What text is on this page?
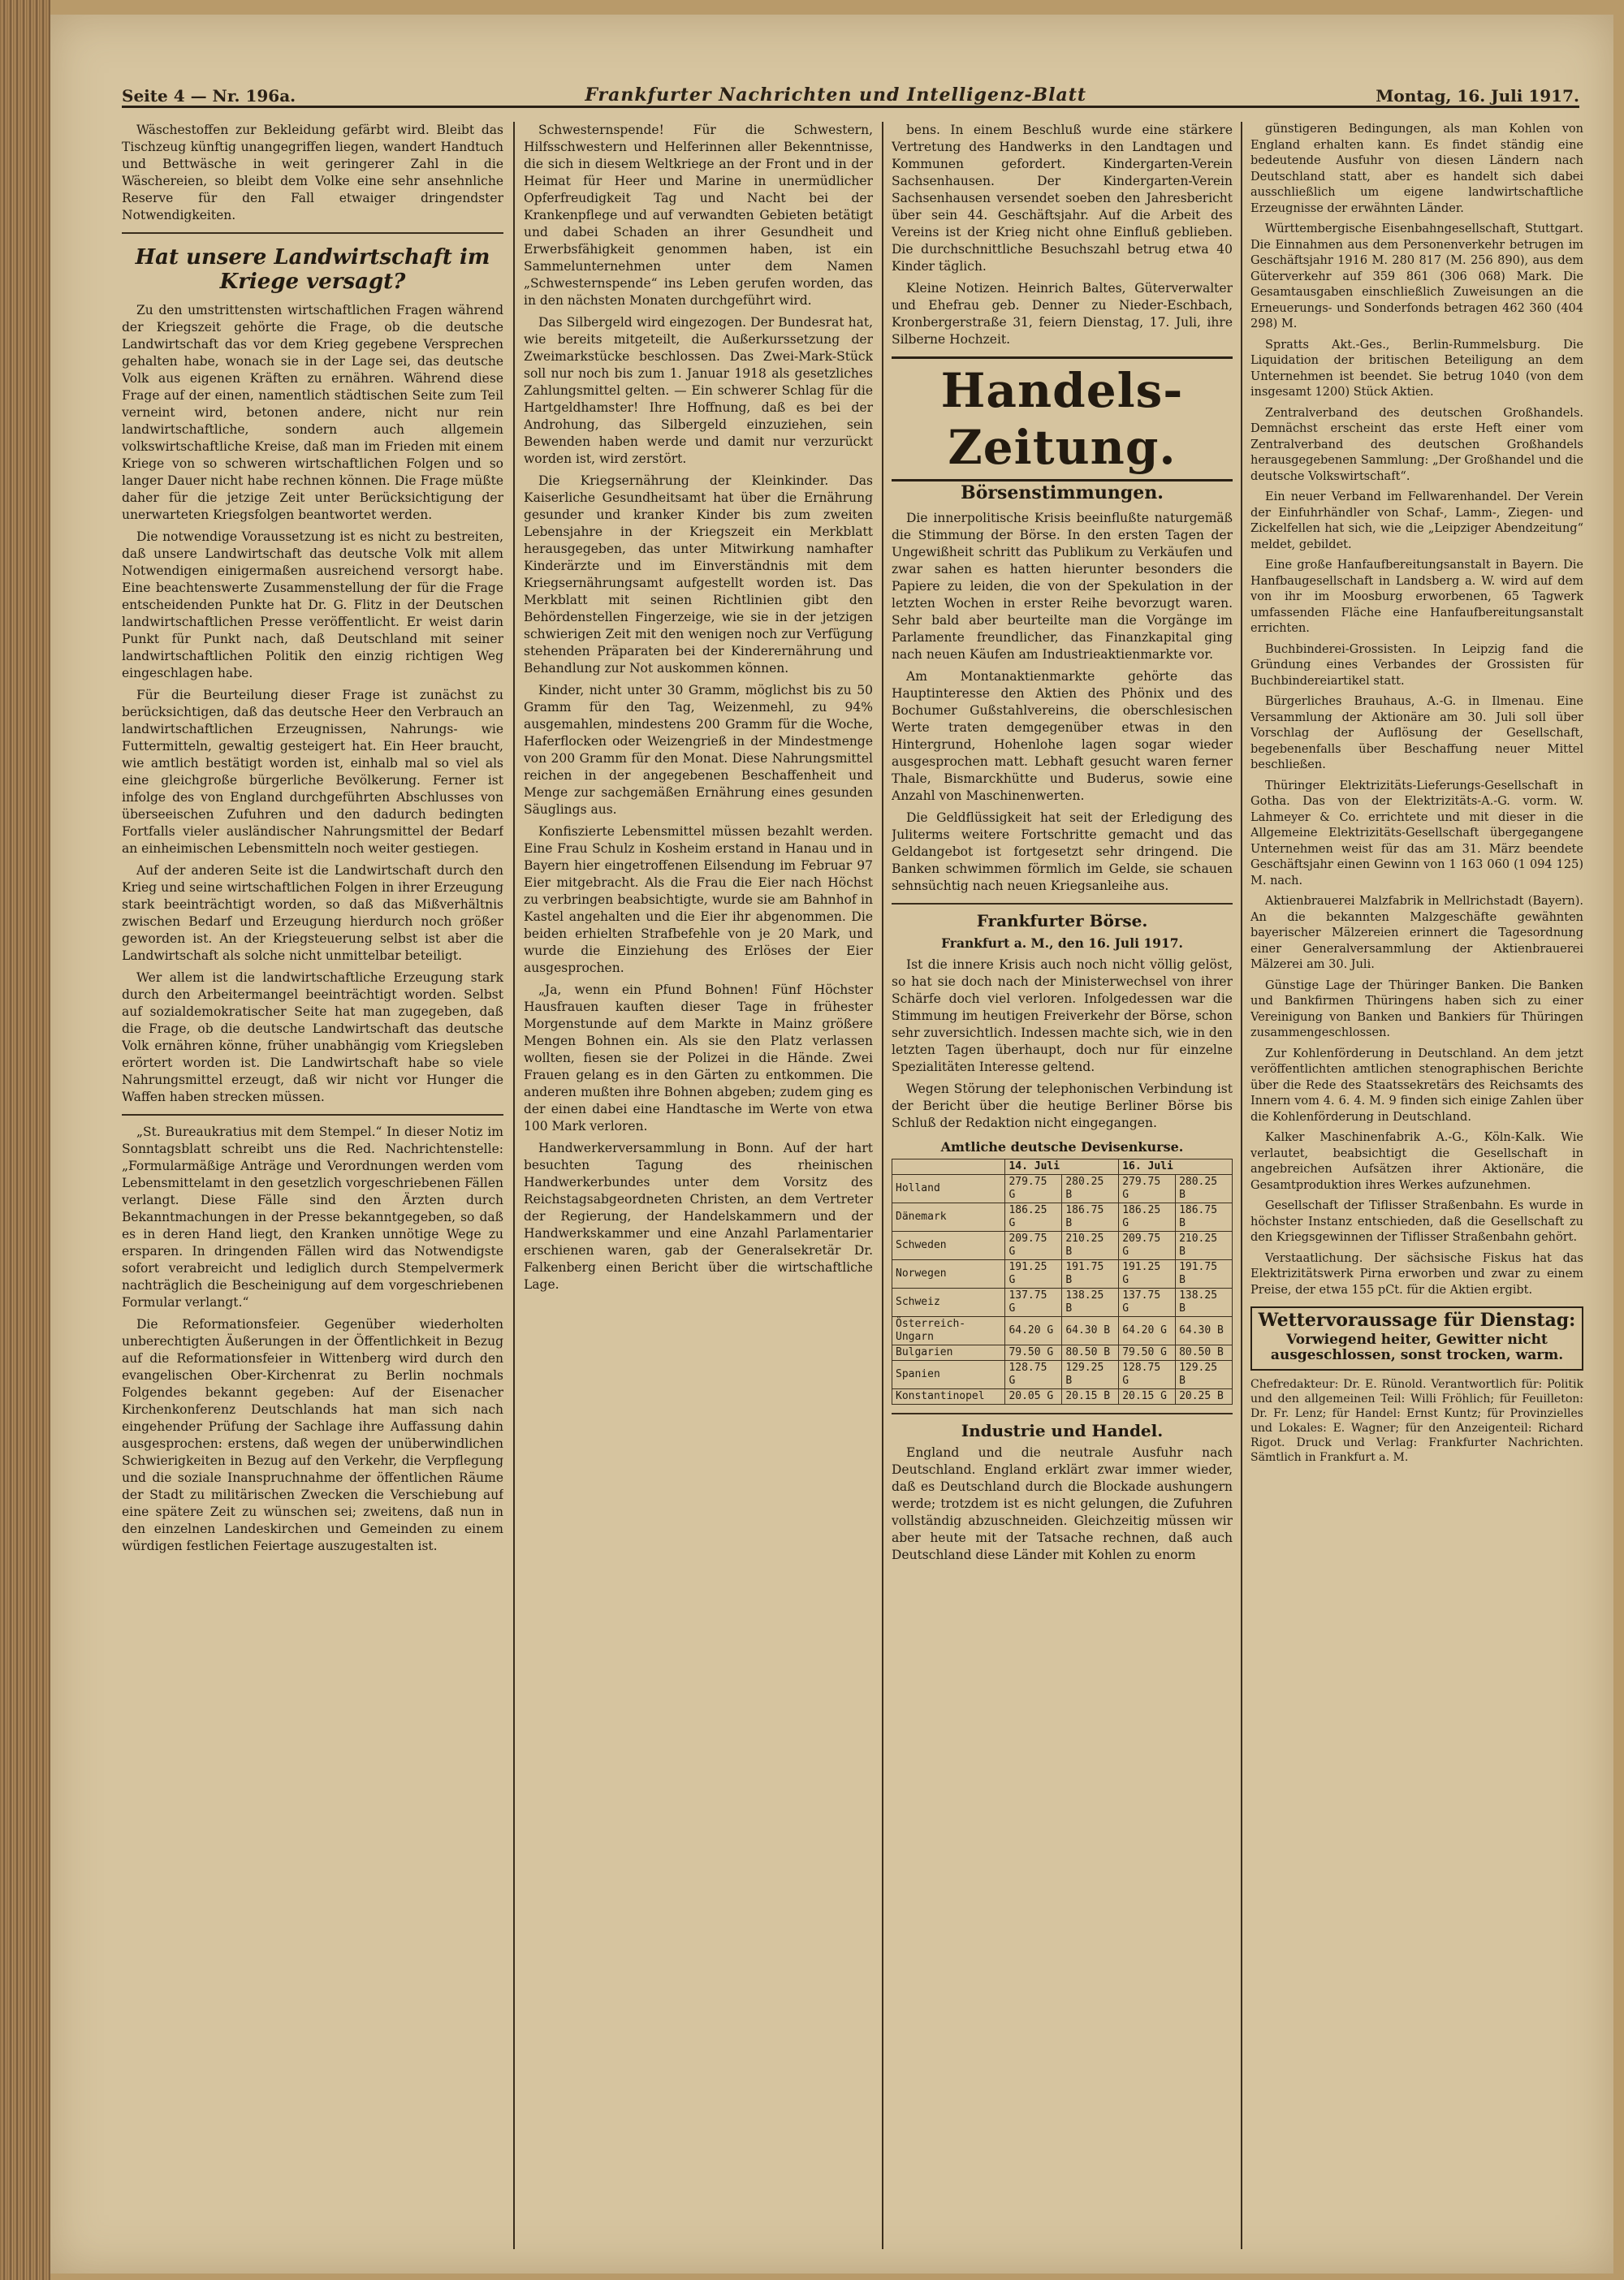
Seite 4 — Nr. 196a.	Frankfurter Nachrichten und Intelligenz-Blatt	Montag, 16. Juli 1917.

Wäschestoffen zur Bekleidung gefärbt wird. Bleibt das Tischzeug künftig unangegriffen liegen, wandert Handtuch und Bettwäsche in weit geringerer Zahl in die Wäschereien, so bleibt dem Volke eine sehr ansehnliche Reserve für den Fall etwaiger dringendster Notwendigkeiten.

Hat unsere Landwirtschaft im Kriege versagt?

Zu den umstrittensten wirtschaftlichen Fragen während der Kriegszeit gehörte die Frage, ob die deutsche Landwirtschaft das vor dem Krieg gegebene Versprechen gehalten habe, wonach sie in der Lage sei, das deutsche Volk aus eigenen Kräften zu ernähren. Während diese Frage auf der einen, namentlich städtischen Seite zum Teil verneint wird, betonen andere, nicht nur rein landwirtschaftliche, sondern auch allgemein volkswirtschaftliche Kreise, daß man im Frieden mit einem Kriege von so schweren wirtschaftlichen Folgen und so langer Dauer nicht habe rechnen können. Die Frage müßte daher für die jetzige Zeit unter Berücksichtigung der unerwarteten Kriegsfolgen beantwortet werden.

Die notwendige Voraussetzung ist es nicht zu bestreiten, daß unsere Landwirtschaft das deutsche Volk mit allem Notwendigen einigermaßen ausreichend versorgt habe. Eine beachtenswerte Zusammenstellung der für die Frage entscheidenden Punkte hat Dr. G. Flitz in der Deutschen landwirtschaftlichen Presse veröffentlicht. Er weist darin Punkt für Punkt nach, daß Deutschland mit seiner landwirtschaftlichen Politik den einzig richtigen Weg eingeschlagen habe.

Für die Beurteilung dieser Frage ist zunächst zu berücksichtigen, daß das deutsche Heer den Verbrauch an landwirtschaftlichen Erzeugnissen, Nahrungs- wie Futtermitteln, gewaltig gesteigert hat. Ein Heer braucht, wie amtlich bestätigt worden ist, einhalb mal so viel als eine gleichgroße bürgerliche Bevölkerung. Ferner ist infolge des von England durchgeführten Abschlusses von überseeischen Zufuhren und den dadurch bedingten Fortfalls vieler ausländischer Nahrungsmittel der Bedarf an einheimischen Lebensmitteln noch weiter gestiegen.

Auf der anderen Seite ist die Landwirtschaft durch den Krieg und seine wirtschaftlichen Folgen in ihrer Erzeugung stark beeinträchtigt worden, so daß das Mißverhältnis zwischen Bedarf und Erzeugung hierdurch noch größer geworden ist. An der Kriegsteuerung selbst ist aber die Landwirtschaft als solche nicht unmittelbar beteiligt.

Wer allem ist die landwirtschaftliche Erzeugung stark durch den Arbeitermangel beeinträchtigt worden. Selbst auf sozialdemokratischer Seite hat man zugegeben, daß die Frage, ob die deutsche Landwirtschaft das deutsche Volk ernähren könne, früher unabhängig vom Kriegsleben erörtert worden ist. Die Landwirtschaft habe so viele Nahrungsmittel erzeugt, daß wir nicht vor Hunger die Waffen haben strecken müssen.

„St. Bureaukratius mit dem Stempel.“ In dieser Notiz im Sonntagsblatt schreibt uns die Red. Nachrichtenstelle: „Formularmäßige Anträge und Verordnungen werden vom Lebensmittelamt in den gesetzlich vorgeschriebenen Fällen verlangt. Diese Fälle sind den Ärzten durch Bekanntmachungen in der Presse bekanntgegeben, so daß es in deren Hand liegt, den Kranken unnötige Wege zu ersparen. In dringenden Fällen wird das Notwendigste sofort verabreicht und lediglich durch Stempelvermerk nachträglich die Bescheinigung auf dem vorgeschriebenen Formular verlangt.“

Die Reformationsfeier. Gegenüber wiederholten unberechtigten Äußerungen in der Öffentlichkeit in Bezug auf die Reformationsfeier in Wittenberg wird durch den evangelischen Ober-Kirchenrat zu Berlin nochmals Folgendes bekannt gegeben: Auf der Eisenacher Kirchenkonferenz Deutschlands hat man sich nach eingehender Prüfung der Sachlage ihre Auffassung dahin ausgesprochen: erstens, daß wegen der unüberwindlichen Schwierigkeiten in Bezug auf den Verkehr, die Verpflegung und die soziale Inanspruchnahme der öffentlichen Räume der Stadt zu militärischen Zwecken die Verschiebung auf eine spätere Zeit zu wünschen sei; zweitens, daß nun in den einzelnen Landeskirchen und Gemeinden zu einem würdigen festlichen Feiertage auszugestalten ist.

Schwesternspende! Für die Schwestern, Hilfsschwestern und Helferinnen aller Bekenntnisse, die sich in diesem Weltkriege an der Front und in der Heimat für Heer und Marine in unermüdlicher Opferfreudigkeit Tag und Nacht bei der Krankenpflege und auf verwandten Gebieten betätigt und dabei Schaden an ihrer Gesundheit und Erwerbsfähigkeit genommen haben, ist ein Sammelunternehmen unter dem Namen „Schwesternspende“ ins Leben gerufen worden, das in den nächsten Monaten durchgeführt wird.

Das Silbergeld wird eingezogen. Der Bundesrat hat, wie bereits mitgeteilt, die Außerkurssetzung der Zweimarkstücke beschlossen. Das Zwei-Mark-Stück soll nur noch bis zum 1. Januar 1918 als gesetzliches Zahlungsmittel gelten. — Ein schwerer Schlag für die Hartgeldhamster! Ihre Hoffnung, daß es bei der Androhung, das Silbergeld einzuziehen, sein Bewenden haben werde und damit nur verzurückt worden ist, wird zerstört.

Die Kriegsernährung der Kleinkinder. Das Kaiserliche Gesundheitsamt hat über die Ernährung gesunder und kranker Kinder bis zum zweiten Lebensjahre in der Kriegszeit ein Merkblatt herausgegeben, das unter Mitwirkung namhafter Kinderärzte und im Einverständnis mit dem Kriegsernährungsamt aufgestellt worden ist. Das Merkblatt mit seinen Richtlinien gibt den Behördenstellen Fingerzeige, wie sie in der jetzigen schwierigen Zeit mit den wenigen noch zur Verfügung stehenden Präparaten bei der Kinderernährung und Behandlung zur Not auskommen können.

Kinder, nicht unter 30 Gramm, möglichst bis zu 50 Gramm für den Tag, Weizenmehl, zu 94% ausgemahlen, mindestens 200 Gramm für die Woche, Haferflocken oder Weizengrieß in der Mindestmenge von 200 Gramm für den Monat. Diese Nahrungsmittel reichen in der angegebenen Beschaffenheit und Menge zur sachgemäßen Ernährung eines gesunden Säuglings aus.

Konfiszierte Lebensmittel müssen bezahlt werden. Eine Frau Schulz in Kosheim erstand in Hanau und in Bayern hier eingetroffenen Eilsendung im Februar 97 Eier mitgebracht. Als die Frau die Eier nach Höchst zu verbringen beabsichtigte, wurde sie am Bahnhof in Kastel angehalten und die Eier ihr abgenommen. Die beiden erhielten Strafbefehle von je 20 Mark, und wurde die Einziehung des Erlöses der Eier ausgesprochen.

„Ja, wenn ein Pfund Bohnen! Fünf Höchster Hausfrauen kauften dieser Tage in frühester Morgenstunde auf dem Markte in Mainz größere Mengen Bohnen ein. Als sie den Platz verlassen wollten, fiesen sie der Polizei in die Hände. Zwei Frauen gelang es in den Gärten zu entkommen. Die anderen mußten ihre Bohnen abgeben; zudem ging es der einen dabei eine Handtasche im Werte von etwa 100 Mark verloren.

Handwerkerversammlung in Bonn. Auf der hart besuchten Tagung des rheinischen Handwerkerbundes unter dem Vorsitz des Reichstagsabgeordneten Christen, an dem Vertreter der Regierung, der Handelskammern und der Handwerkskammer und eine Anzahl Parlamentarier erschienen waren, gab der Generalsekretär Dr. Falkenberg einen Bericht über die wirtschaftliche Lage.

bens. In einem Beschluß wurde eine stärkere Vertretung des Handwerks in den Landtagen und Kommunen gefordert. Kindergarten-Verein Sachsenhausen. Der Kindergarten-Verein Sachsenhausen versendet soeben den Jahresbericht über sein 44. Geschäftsjahr. Auf die Arbeit des Vereins ist der Krieg nicht ohne Einfluß geblieben. Die durchschnittliche Besuchszahl betrug etwa 40 Kinder täglich.

Kleine Notizen. Heinrich Baltes, Güterverwalter und Ehefrau geb. Denner zu Nieder-Eschbach, Kronbergerstraße 31, feiern Dienstag, 17. Juli, ihre Silberne Hochzeit.

Handels-Zeitung.
Börsenstimmungen.

Die innerpolitische Krisis beeinflußte naturgemäß die Stimmung der Börse. In den ersten Tagen der Ungewißheit schritt das Publikum zu Verkäufen und zwar sahen es hatten hierunter besonders die Papiere zu leiden, die von der Spekulation in der letzten Wochen in erster Reihe bevorzugt waren. Sehr bald aber beurteilte man die Vorgänge im Parlamente freundlicher, das Finanzkapital ging nach neuen Käufen am Industrieaktienmarkte vor.

Am Montanaktienmarkte gehörte das Hauptinteresse den Aktien des Phönix und des Bochumer Gußstahlvereins, die oberschlesischen Werte traten demgegenüber etwas in den Hintergrund, Hohenlohe lagen sogar wieder ausgesprochen matt. Lebhaft gesucht waren ferner Thale, Bismarckhütte und Buderus, sowie eine Anzahl von Maschinenwerten.

Die Geldflüssigkeit hat seit der Erledigung des Juliterms weitere Fortschritte gemacht und das Geldangebot ist fortgesetzt sehr dringend. Die Banken schwimmen förmlich im Gelde, sie schauen sehnsüchtig nach neuen Kriegsanleihe aus.

Frankfurter Börse.

Frankfurt a. M., den 16. Juli 1917.

Ist die innere Krisis auch noch nicht völlig gelöst, so hat sie doch nach der Ministerwechsel von ihrer Schärfe doch viel verloren. Infolgedessen war die Stimmung im heutigen Freiverkehr der Börse, schon sehr zuversichtlich. Indessen machte sich, wie in den letzten Tagen überhaupt, doch nur für einzelne Spezialitäten Interesse geltend.

Wegen Störung der telephonischen Verbindung ist der Bericht über die heutige Berliner Börse bis Schluß der Redaktion nicht eingegangen.

Amtliche deutsche Devisenkurse.
	14. Juli		16. Juli	
Holland	279.75 G	280.25 B	279.75 G	280.25 B
Dänemark	186.25 G	186.75 B	186.25 G	186.75 B
Schweden	209.75 G	210.25 B	209.75 G	210.25 B
Norwegen	191.25 G	191.75 B	191.25 G	191.75 B
Schweiz	137.75 G	138.25 B	137.75 G	138.25 B
Österreich-Ungarn	64.20 G	64.30 B	64.20 G	64.30 B
Bulgarien	79.50 G	80.50 B	79.50 G	80.50 B
Spanien	128.75 G	129.25 B	128.75 G	129.25 B
Konstantinopel	20.05 G	20.15 B	20.15 G	20.25 B
Industrie und Handel.

England und die neutrale Ausfuhr nach Deutschland. England erklärt zwar immer wieder, daß es Deutschland durch die Blockade aushungern werde; trotzdem ist es nicht gelungen, die Zufuhren vollständig abzuschneiden. Gleichzeitig müssen wir aber heute mit der Tatsache rechnen, daß auch Deutschland diese Länder mit Kohlen zu enorm

günstigeren Bedingungen, als man Kohlen von England erhalten kann. Es findet ständig eine bedeutende Ausfuhr von diesen Ländern nach Deutschland statt, aber es handelt sich dabei ausschließlich um eigene landwirtschaftliche Erzeugnisse der erwähnten Länder.

Württembergische Eisenbahngesellschaft, Stuttgart. Die Einnahmen aus dem Personenverkehr betrugen im Geschäftsjahr 1916 M. 280 817 (M. 256 890), aus dem Güterverkehr auf 359 861 (306 068) Mark. Die Gesamtausgaben einschließlich Zuweisungen an die Erneuerungs- und Sonderfonds betragen 462 360 (404 298) M.

Spratts Akt.-Ges., Berlin-Rummelsburg. Die Liquidation der britischen Beteiligung an dem Unternehmen ist beendet. Sie betrug 1040 (von dem insgesamt 1200) Stück Aktien.

Zentralverband des deutschen Großhandels. Demnächst erscheint das erste Heft einer vom Zentralverband des deutschen Großhandels herausgegebenen Sammlung: „Der Großhandel und die deutsche Volkswirtschaft“.

Ein neuer Verband im Fellwarenhandel. Der Verein der Einfuhrhändler von Schaf-, Lamm-, Ziegen- und Zickelfellen hat sich, wie die „Leipziger Abendzeitung“ meldet, gebildet.

Eine große Hanfaufbereitungsanstalt in Bayern. Die Hanfbaugesellschaft in Landsberg a. W. wird auf dem von ihr im Moosburg erworbenen, 65 Tagwerk umfassenden Fläche eine Hanfaufbereitungsanstalt errichten.

Buchbinderei-Grossisten. In Leipzig fand die Gründung eines Verbandes der Grossisten für Buchbindereiartikel statt.

Bürgerliches Brauhaus, A.-G. in Ilmenau. Eine Versammlung der Aktionäre am 30. Juli soll über Vorschlag der Auflösung der Gesellschaft, begebenenfalls über Beschaffung neuer Mittel beschließen.

Thüringer Elektrizitäts-Lieferungs-Gesellschaft in Gotha. Das von der Elektrizitäts-A.-G. vorm. W. Lahmeyer & Co. errichtete und mit dieser in die Allgemeine Elektrizitäts-Gesellschaft übergegangene Unternehmen weist für das am 31. März beendete Geschäftsjahr einen Gewinn von 1 163 060 (1 094 125) M. nach.

Aktienbrauerei Malzfabrik in Mellrichstadt (Bayern). An die bekannten Malzgeschäfte gewähnten bayerischer Mälzereien erinnert die Tagesordnung einer Generalversammlung der Aktienbrauerei Mälzerei am 30. Juli.

Günstige Lage der Thüringer Banken. Die Banken und Bankfirmen Thüringens haben sich zu einer Vereinigung von Banken und Bankiers für Thüringen zusammengeschlossen.

Zur Kohlenförderung in Deutschland. An dem jetzt veröffentlichten amtlichen stenographischen Berichte über die Rede des Staatssekretärs des Reichsamts des Innern vom 4. 6. 4. M. 9 finden sich einige Zahlen über die Kohlenförderung in Deutschland.

Kalker Maschinenfabrik A.-G., Köln-Kalk. Wie verlautet, beabsichtigt die Gesellschaft in angebreichen Aufsätzen ihrer Aktionäre, die Gesamtproduktion ihres Werkes aufzunehmen.

Gesellschaft der Tiflisser Straßenbahn. Es wurde in höchster Instanz entschieden, daß die Gesellschaft zu den Kriegsgewinnen der Tiflisser Straßenbahn gehört.

Verstaatlichung. Der sächsische Fiskus hat das Elektrizitätswerk Pirna erworben und zwar zu einem Preise, der etwa 155 pCt. für die Aktien ergibt.

Wettervoraussage für Dienstag:
Vorwiegend heiter, Gewitter nicht ausgeschlossen, sonst trocken, warm.
Chefredakteur: Dr. E. Rünold. Verantwortlich für: Politik und den allgemeinen Teil: Willi Fröhlich; für Feuilleton: Dr. Fr. Lenz; für Handel: Ernst Kuntz; für Provinzielles und Lokales: E. Wagner; für den Anzeigenteil: Richard Rigot. Druck und Verlag: Frankfurter Nachrichten. Sämtlich in Frankfurt a. M.
